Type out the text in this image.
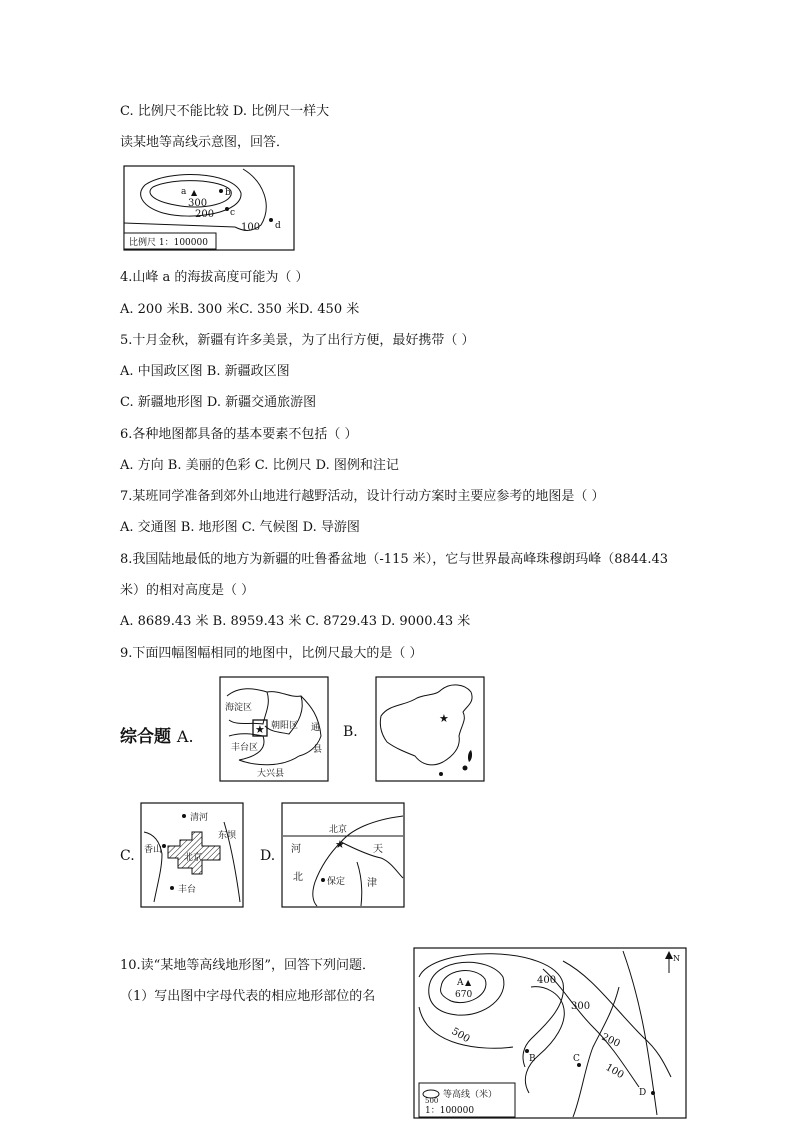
C. 比例尺不能比较 D. 比例尺一样大
读某地等高线示意图，回答．
a ▲	b
c
d
300
200
100
比例尺 1：100000
4.山峰 a 的海拔高度可能为（ ）
A. 200 米B. 300 米C. 350 米D. 450 米
5.十月金秋，新疆有许多美景，为了出行方便，最好携带（ ）
A. 中国政区图 B. 新疆政区图
C. 新疆地形图 D. 新疆交通旅游图
6.各种地图都具备的基本要素不包括（ ）
A. 方向 B. 美丽的色彩 C. 比例尺 D. 图例和注记
7.某班同学准备到郊外山地进行越野活动，设计行动方案时主要应参考的地图是（ ）
A. 交通图 B. 地形图 C. 气候图 D. 导游图
8.我国陆地最低的地方为新疆的吐鲁番盆地（-115 米），它与世界最高峰珠穆朗玛峰（8844.43
米）的相对高度是（ ）
A. 8689.43 米 B. 8959.43 米 C. 8729.43 D. 9000.43 米
9.下面四幅图幅相同的地图中，比例尺最大的是（ ）
综合题 A.	★
海淀区
朝阳区
丰台区
大兴县
通
县
B.
★
C.
清河
香山
东坝
北京
丰台
D.
★
北京
河
北
天
津
保定
10.读“某地等高线地形图”，回答下列问题．
（1）写出图中字母代表的相应地形部位的名
A ▲
670
400
300
200
100
500
B	C
D
N
500
等高线（米）
1：100000
